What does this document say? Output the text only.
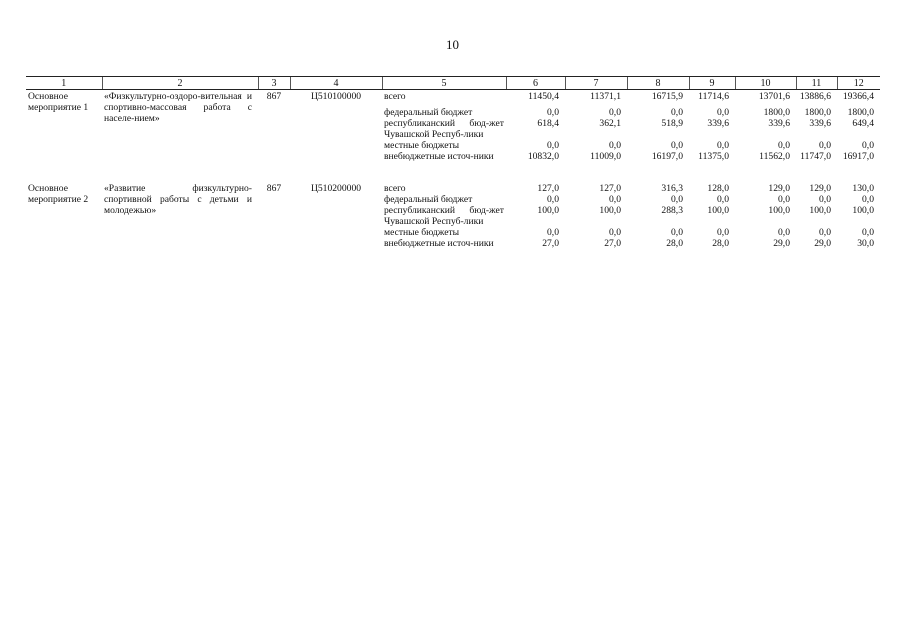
10
1	2	3	4	5	6	7	8	9	10	11	12
Основное мероприятие 1	«Физкультурно-оздоро-вительная и спортивно-массовая работа с населе-нием»	867	Ц510100000	всего	11450,4	11371,1	16715,9	11714,6	13701,6	13886,6	19366,4
				федеральный бюджет	0,0	0,0	0,0	0,0	1800,0	1800,0	1800,0
				республиканский бюд-жет Чувашской Респуб-лики	618,4	362,1	518,9	339,6	339,6	339,6	649,4
				местные бюджеты	0,0	0,0	0,0	0,0	0,0	0,0	0,0
				внебюджетные источ-ники	10832,0	11009,0	16197,0	11375,0	11562,0	11747,0	16917,0

Основное мероприятие 2	«Развитие физкультурно-спортивной работы с детьми и молодежью»	867	Ц510200000	всего	127,0	127,0	316,3	128,0	129,0	129,0	130,0
				федеральный бюджет	0,0	0,0	0,0	0,0	0,0	0,0	0,0
				республиканский бюд-жет Чувашской Респуб-лики	100,0	100,0	288,3	100,0	100,0	100,0	100,0
				местные бюджеты	0,0	0,0	0,0	0,0	0,0	0,0	0,0
				внебюджетные источ-ники	27,0	27,0	28,0	28,0	29,0	29,0	30,0
